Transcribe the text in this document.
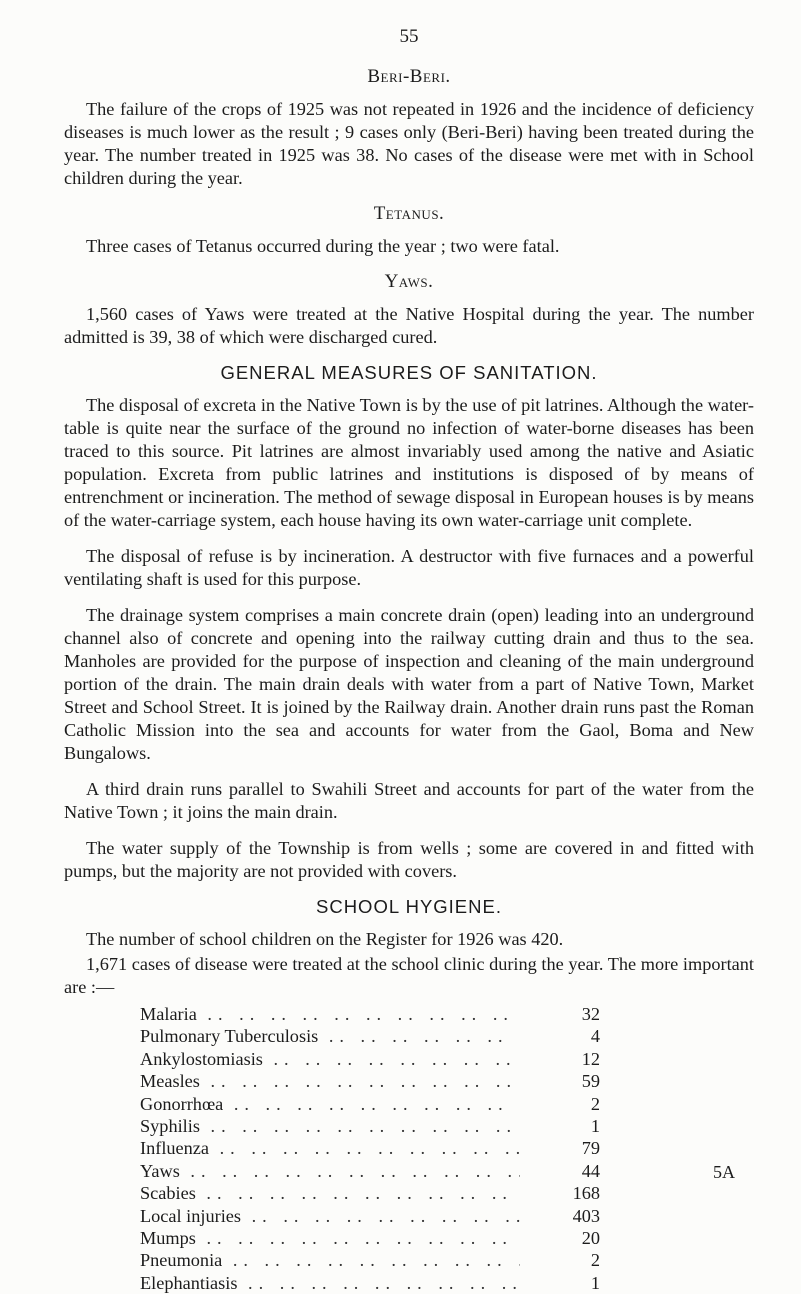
55
Beri-Beri.

The failure of the crops of 1925 was not repeated in 1926 and the incidence of deficiency diseases is much lower as the result ; 9 cases only (Beri-Beri) having been treated during the year. The number treated in 1925 was 38. No cases of the disease were met with in School children during the year.

Tetanus.

Three cases of Tetanus occurred during the year ; two were fatal.

Yaws.

1,560 cases of Yaws were treated at the Native Hospital during the year. The number admitted is 39, 38 of which were discharged cured.

GENERAL MEASURES OF SANITATION.

The disposal of excreta in the Native Town is by the use of pit latrines. Although the water-table is quite near the surface of the ground no infection of water-borne diseases has been traced to this source. Pit latrines are almost invariably used among the native and Asiatic population. Excreta from public latrines and institutions is disposed of by means of entrenchment or incineration. The method of sewage disposal in European houses is by means of the water-carriage system, each house having its own water-carriage unit complete.

The disposal of refuse is by incineration. A destructor with five furnaces and a powerful ventilating shaft is used for this purpose.

The drainage system comprises a main concrete drain (open) leading into an underground channel also of concrete and opening into the railway cutting drain and thus to the sea. Manholes are provided for the purpose of inspection and cleaning of the main underground portion of the drain. The main drain deals with water from a part of Native Town, Market Street and School Street. It is joined by the Railway drain. Another drain runs past the Roman Catholic Mission into the sea and accounts for water from the Gaol, Boma and New Bungalows.

A third drain runs parallel to Swahili Street and accounts for part of the water from the Native Town ; it joins the main drain.

The water supply of the Township is from wells ; some are covered in and fitted with pumps, but the majority are not provided with covers.

SCHOOL HYGIENE.

The number of school children on the Register for 1926 was 420.

1,671 cases of disease were treated at the school clinic during the year. The more important are :—

Malaria .. ..	32
Pulmonary Tuberculosis .. ..	4
Ankylostomiasis .. ..	12
Measles .. ..	59
Gonorrhœa .. ..	2
Syphilis .. ..	1
Influenza .. ..	79
Yaws .. ..	44
Scabies .. ..	168
Local injuries .. ..	403
Mumps .. ..	20
Pneumonia .. ..	2
Elephantiasis .. ..	1
5A
